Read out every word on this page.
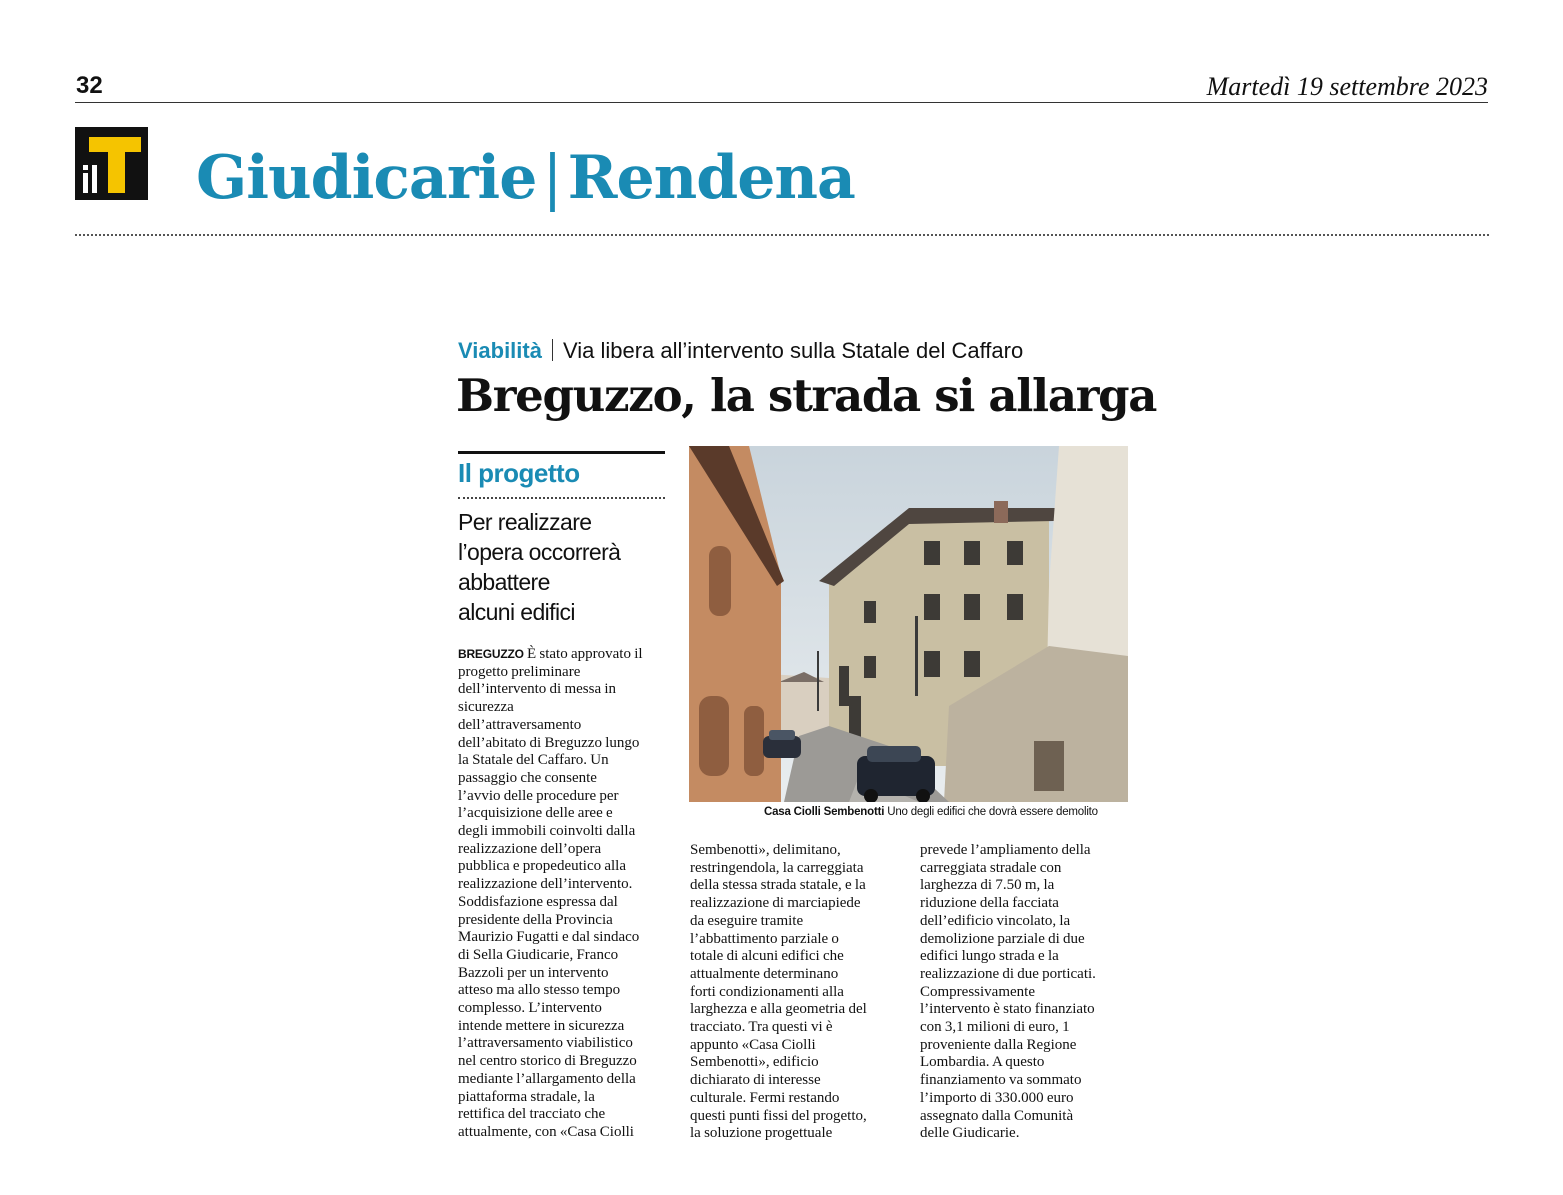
32	Martedì 19 settembre 2023
Giudicarie | Rendena
Viabilità Via libera all’intervento sulla Statale del Caffaro
Breguzzo, la strada si allarga
Il progetto
Per realizzare
l’opera occorrerà
abbattere
alcuni edifici
BREGUZZO È stato approvato il
progetto preliminare
dell’intervento di messa in
sicurezza
dell’attraversamento
dell’abitato di Breguzzo lungo
la Statale del Caffaro. Un
passaggio che consente
l’avvio delle procedure per
l’acquisizione delle aree e
degli immobili coinvolti dalla
realizzazione dell’opera
pubblica e propedeutico alla
realizzazione dell’intervento.
Soddisfazione espressa dal
presidente della Provincia
Maurizio Fugatti e dal sindaco
di Sella Giudicarie, Franco
Bazzoli per un intervento
atteso ma allo stesso tempo
complesso. L’intervento
intende mettere in sicurezza
l’attraversamento viabilistico
nel centro storico di Breguzzo
mediante l’allargamento della
piattaforma stradale, la
rettifica del tracciato che
attualmente, con «Casa Ciolli
Sembenotti», delimitano,
restringendola, la carreggiata
della stessa strada statale, e la
realizzazione di marciapiede
da eseguire tramite
l’abbattimento parziale o
totale di alcuni edifici che
attualmente determinano
forti condizionamenti alla
larghezza e alla geometria del
tracciato. Tra questi vi è
appunto «Casa Ciolli
Sembenotti», edificio
dichiarato di interesse
culturale. Fermi restando
questi punti fissi del progetto,
la soluzione progettuale
prevede l’ampliamento della
carreggiata stradale con
larghezza di 7.50 m, la
riduzione della facciata
dell’edificio vincolato, la
demolizione parziale di due
edifici lungo strada e la
realizzazione di due porticati.
Compressivamente
l’intervento è stato finanziato
con 3,1 milioni di euro, 1
proveniente dalla Regione
Lombardia. A questo
finanziamento va sommato
l’importo di 330.000 euro
assegnato dalla Comunità
delle Giudicarie.
Casa Ciolli Sembenotti Uno degli edifici che dovrà essere demolito
